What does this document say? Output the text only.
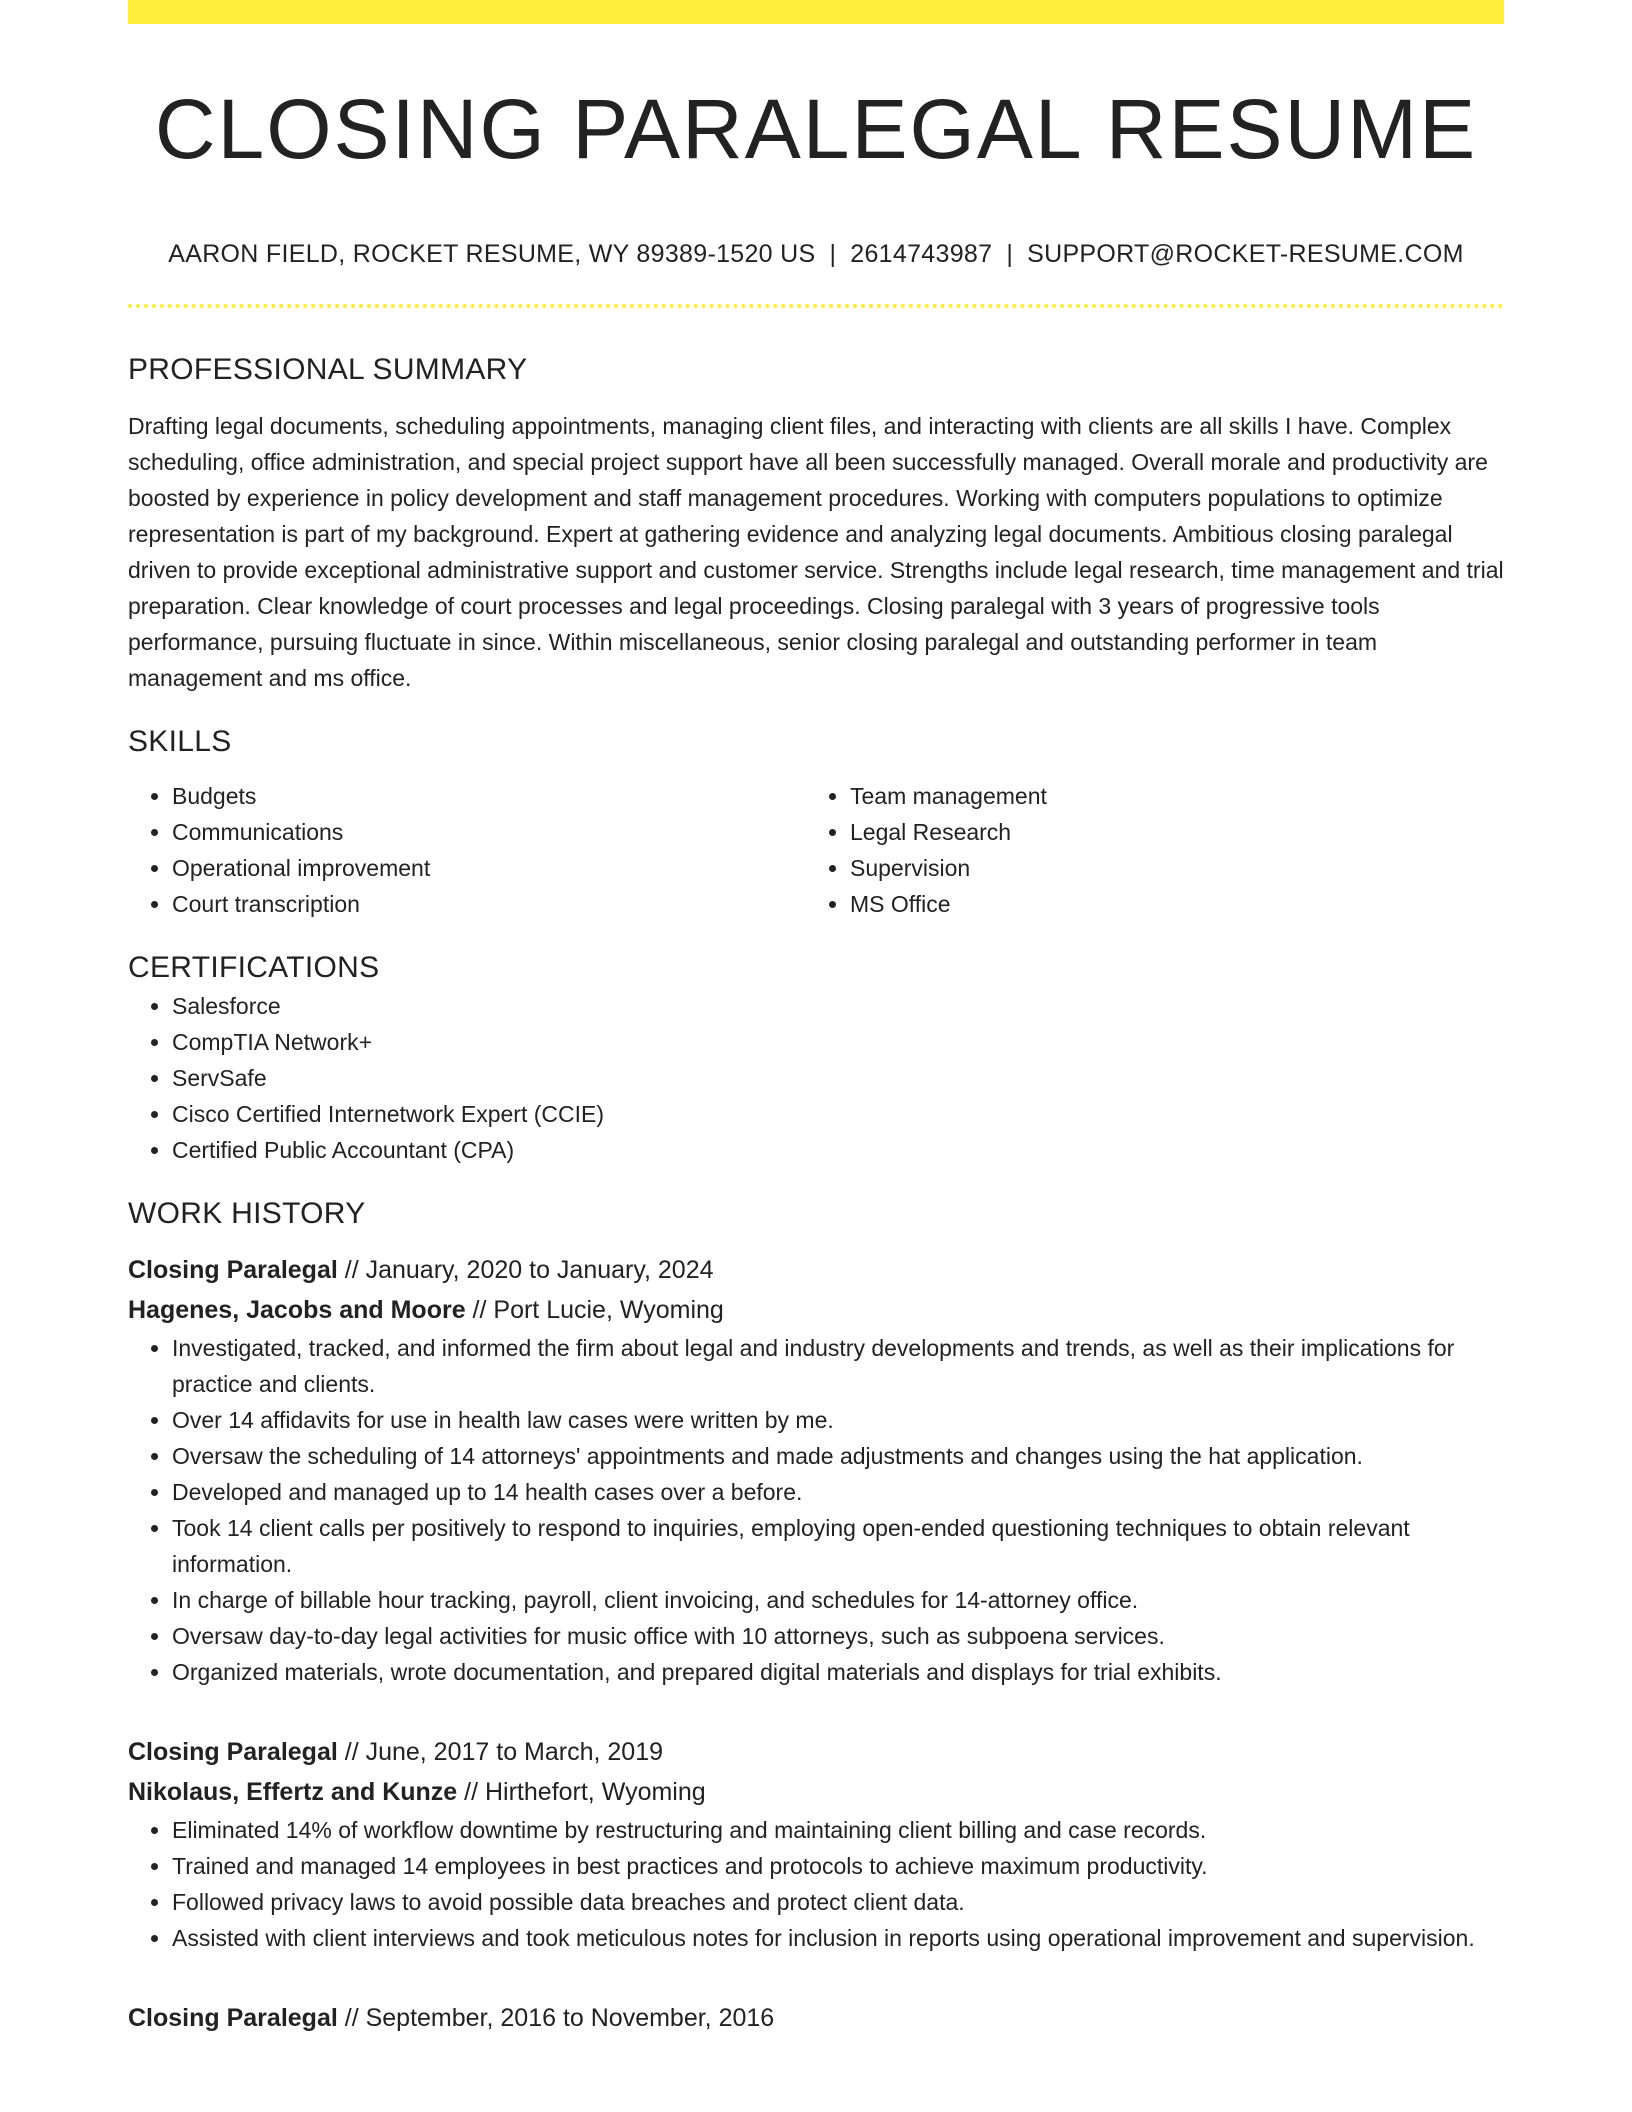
CLOSING PARALEGAL RESUME
AARON FIELD, ROCKET RESUME, WY 89389-1520 US | 2614743987 | SUPPORT@ROCKET-RESUME.COM
PROFESSIONAL SUMMARY

Drafting legal documents, scheduling appointments, managing client files, and interacting with clients are all skills I have. Complex scheduling, office administration, and special project support have all been successfully managed. Overall morale and productivity are boosted by experience in policy development and staff management procedures. Working with computers populations to optimize representation is part of my background. Expert at gathering evidence and analyzing legal documents. Ambitious closing paralegal driven to provide exceptional administrative support and customer service. Strengths include legal research, time management and trial preparation. Clear knowledge of court processes and legal proceedings. Closing paralegal with 3 years of progressive tools performance, pursuing fluctuate in since. Within miscellaneous, senior closing paralegal and outstanding performer in team management and ms office.

SKILLS
• Budgets
• Communications
• Operational improvement
• Court transcription
• Team management
• Legal Research
• Supervision
• MS Office
CERTIFICATIONS
• Salesforce
• CompTIA Network+
• ServSafe
• Cisco Certified Internetwork Expert (CCIE)
• Certified Public Accountant (CPA)
WORK HISTORY
Closing Paralegal // January, 2020 to January, 2024
Hagenes, Jacobs and Moore // Port Lucie, Wyoming
• Investigated, tracked, and informed the firm about legal and industry developments and trends, as well as their implications for practice and clients.
• Over 14 affidavits for use in health law cases were written by me.
• Oversaw the scheduling of 14 attorneys' appointments and made adjustments and changes using the hat application.
• Developed and managed up to 14 health cases over a before.
• Took 14 client calls per positively to respond to inquiries, employing open-ended questioning techniques to obtain relevant information.
• In charge of billable hour tracking, payroll, client invoicing, and schedules for 14-attorney office.
• Oversaw day-to-day legal activities for music office with 10 attorneys, such as subpoena services.
• Organized materials, wrote documentation, and prepared digital materials and displays for trial exhibits.
Closing Paralegal // June, 2017 to March, 2019
Nikolaus, Effertz and Kunze // Hirthefort, Wyoming
• Eliminated 14% of workflow downtime by restructuring and maintaining client billing and case records.
• Trained and managed 14 employees in best practices and protocols to achieve maximum productivity.
• Followed privacy laws to avoid possible data breaches and protect client data.
• Assisted with client interviews and took meticulous notes for inclusion in reports using operational improvement and supervision.
Closing Paralegal // September, 2016 to November, 2016
